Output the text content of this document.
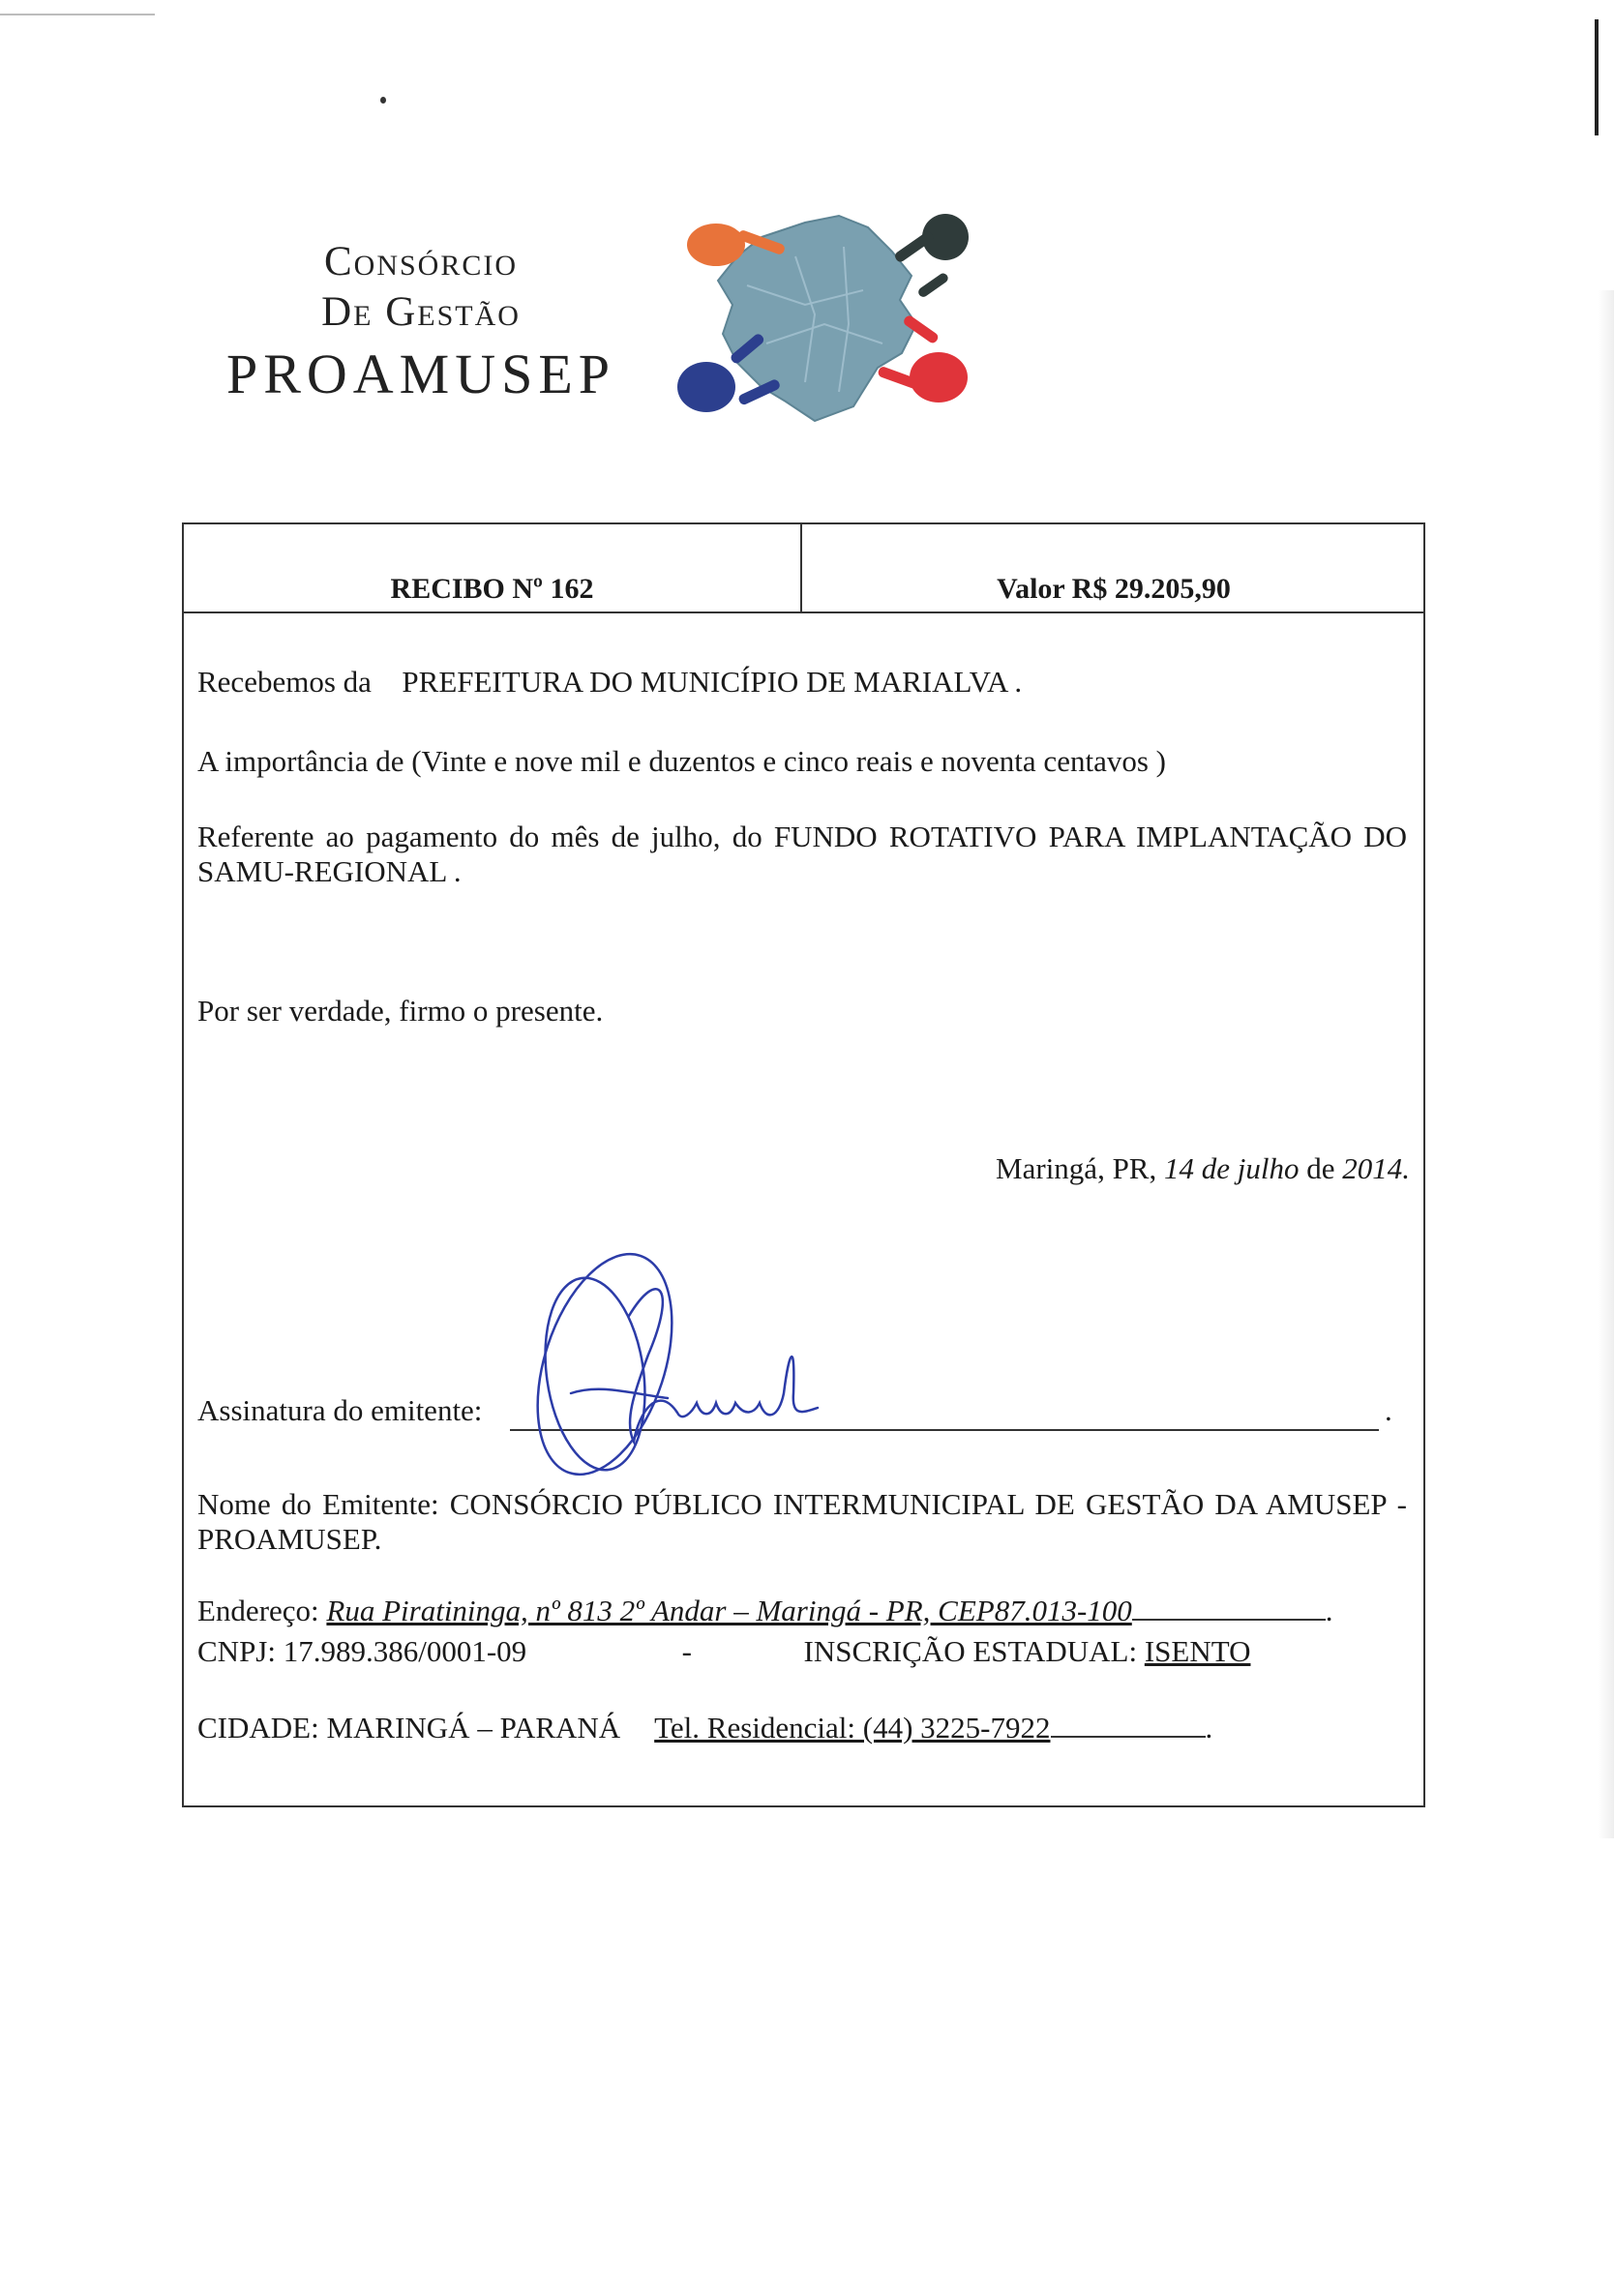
Consórcio
De Gestão
PROAMUSEP
RECIBO Nº 162	Valor R$ 29.205,90
Recebemos da PREFEITURA DO MUNICÍPIO DE MARIALVA .
A importância de (Vinte e nove mil e duzentos e cinco reais e noventa centavos )
Referente ao pagamento do mês de julho, do FUNDO ROTATIVO PARA IMPLANTAÇÃO DO SAMU-REGIONAL .
Por ser verdade, firmo o presente.
Maringá, PR, 14 de julho de 2014.
Assinatura do emitente:	.
Nome do Emitente: CONSÓRCIO PÚBLICO INTERMUNICIPAL DE GESTÃO DA AMUSEP - PROAMUSEP.
Endereço: Rua Piratininga, nº 813 2º Andar – Maringá - PR, CEP87.013-100	.
CNPJ: 17.989.386/0001-09	-	INSCRIÇÃO ESTADUAL: ISENTO
CIDADE: MARINGÁ – PARANÁ Tel. Residencial: (44) 3225-7922	.
